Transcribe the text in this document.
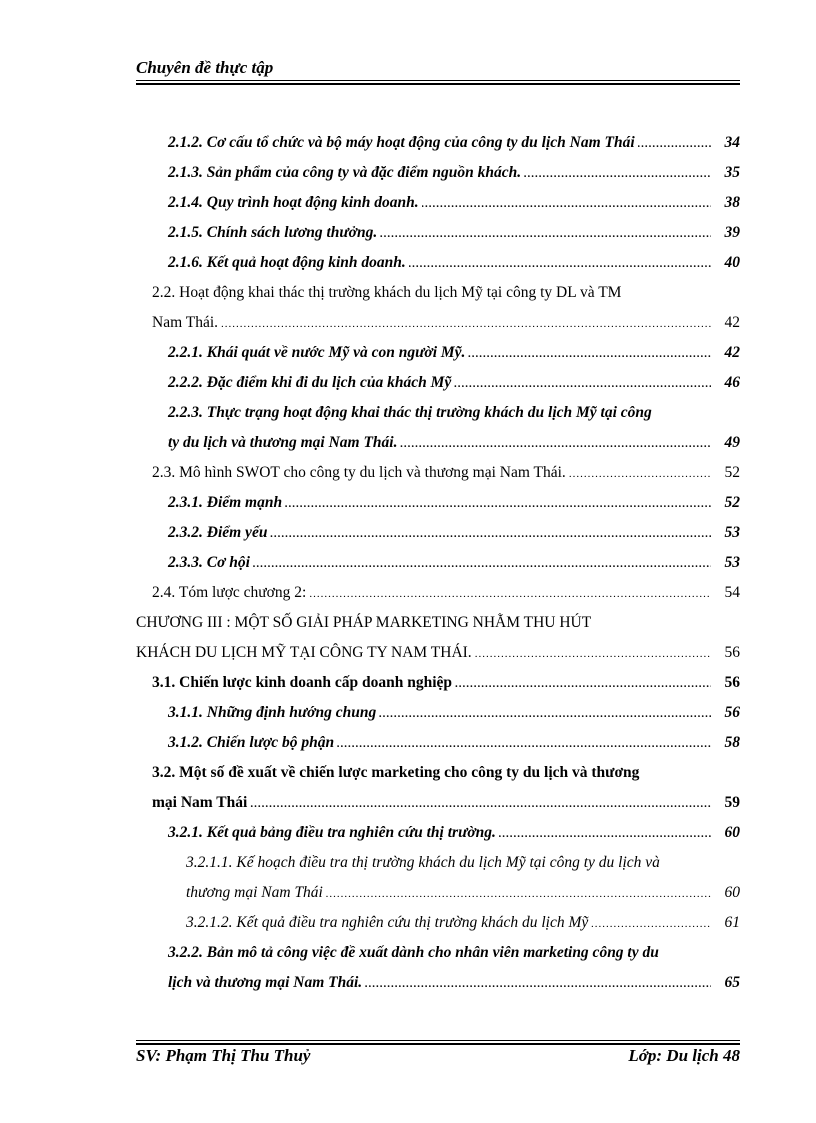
Chuyên đề thực tập
2.1.2. Cơ cấu tổ chức và bộ máy hoạt động của công ty du lịch Nam Thái .....	34
2.1.3. Sản phẩm của công ty và đặc điểm nguồn khách. .....	35
2.1.4. Quy trình hoạt động kinh doanh. .....	38
2.1.5. Chính sách lương thưởng. .....	39
2.1.6. Kết quả hoạt động kinh doanh. .....	40
2.2. Hoạt động khai thác thị trường khách du lịch Mỹ tại công ty DL và TM
Nam Thái. .....	42
2.2.1. Khái quát về nước Mỹ và con người Mỹ. .....	42
2.2.2. Đặc điểm khi đi du lịch của khách Mỹ .....	46
2.2.3. Thực trạng hoạt động khai thác thị trường khách du lịch Mỹ tại công
ty du lịch và thương mại Nam Thái. .....	49
2.3. Mô hình SWOT cho công ty du lịch và thương mại Nam Thái. .....	52
2.3.1. Điểm mạnh .....	52
2.3.2. Điểm yếu .....	53
2.3.3. Cơ hội .....	53
2.4. Tóm lược chương 2: .....	54
CHƯƠNG III : MỘT SỐ GIẢI PHÁP MARKETING NHẰM THU HÚT
KHÁCH DU LỊCH MỸ TẠI CÔNG TY NAM THÁI. .....	56
3.1. Chiến lược kinh doanh cấp doanh nghiệp .....	56
3.1.1. Những định hướng chung .....	56
3.1.2. Chiến lược bộ phận .....	58
3.2. Một số đề xuất về chiến lược marketing cho công ty du lịch và thương
mại Nam Thái .....	59
3.2.1. Kết quả bảng điều tra nghiên cứu thị trường. .....	60
3.2.1.1. Kế hoạch điều tra thị trường khách du lịch Mỹ tại công ty du lịch và
thương mại Nam Thái .....	60
3.2.1.2. Kết quả điều tra nghiên cứu thị trường khách du lịch Mỹ .....	61
3.2.2. Bản mô tả công việc đề xuất dành cho nhân viên marketing công ty du
lịch và thương mại Nam Thái. .....	65
SV: Phạm Thị Thu Thuỷ	Lớp: Du lịch 48
